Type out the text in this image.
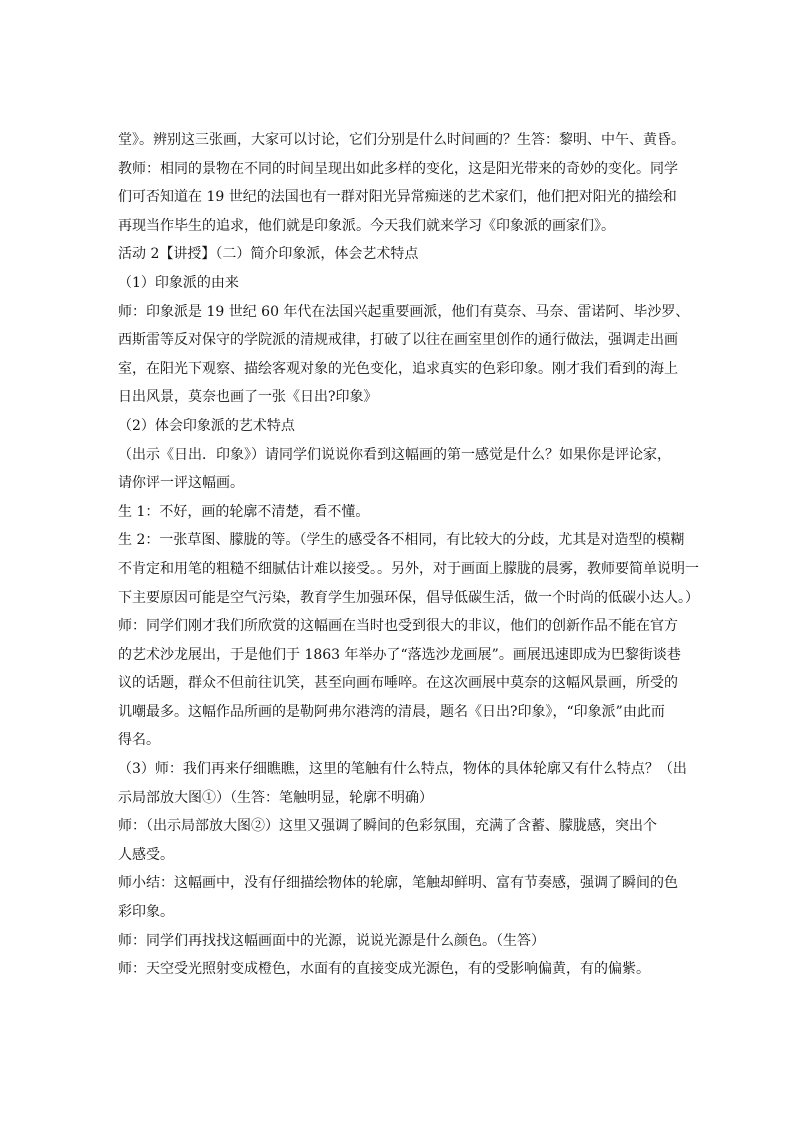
堂》。辨别这三张画，大家可以讨论，它们分别是什么时间画的？生答：黎明、中午、黄昏。
教师：相同的景物在不同的时间呈现出如此多样的变化，这是阳光带来的奇妙的变化。同学
们可否知道在 19 世纪的法国也有一群对阳光异常痴迷的艺术家们，他们把对阳光的描绘和
再现当作毕生的追求，他们就是印象派。今天我们就来学习《印象派的画家们》。
活动 2【讲授】（二）简介印象派，体会艺术特点
（1）印象派的由来
师：印象派是 19 世纪 60 年代在法国兴起重要画派，他们有莫奈、马奈、雷诺阿、毕沙罗、
西斯雷等反对保守的学院派的清规戒律，打破了以往在画室里创作的通行做法，强调走出画
室，在阳光下观察、描绘客观对象的光色变化，追求真实的色彩印象。刚才我们看到的海上
日出风景，莫奈也画了一张《日出?印象》
（2）体会印象派的艺术特点
（出示《日出．印象》）请同学们说说你看到这幅画的第一感觉是什么？如果你是评论家，
请你评一评这幅画。
生 1：不好，画的轮廓不清楚，看不懂。
生 2：一张草图、朦胧的等。（学生的感受各不相同，有比较大的分歧，尤其是对造型的模糊
不肯定和用笔的粗糙不细腻估计难以接受。。另外，对于画面上朦胧的晨雾，教师要简单说明一
下主要原因可能是空气污染，教育学生加强环保，倡导低碳生活，做一个时尚的低碳小达人。）
师：同学们刚才我们所欣赏的这幅画在当时也受到很大的非议，他们的创新作品不能在官方
的艺术沙龙展出，于是他们于 1863 年举办了“落选沙龙画展”。画展迅速即成为巴黎街谈巷
议的话题，群众不但前往讥笑，甚至向画布唾啐。在这次画展中莫奈的这幅风景画，所受的
讥嘲最多。这幅作品所画的是勒阿弗尔港湾的清晨，题名《日出?印象》，“印象派”由此而
得名。
（3）师：我们再来仔细瞧瞧，这里的笔触有什么特点，物体的具体轮廓又有什么特点？（出
示局部放大图①）（生答：笔触明显，轮廓不明确）
师：（出示局部放大图②）这里又强调了瞬间的色彩氛围，充满了含蓄、朦胧感，突出个
人感受。
师小结：这幅画中，没有仔细描绘物体的轮廓，笔触却鲜明、富有节奏感，强调了瞬间的色
彩印象。
师：同学们再找找这幅画面中的光源，说说光源是什么颜色。（生答）
师：天空受光照射变成橙色，水面有的直接变成光源色，有的受影响偏黄，有的偏紫。
